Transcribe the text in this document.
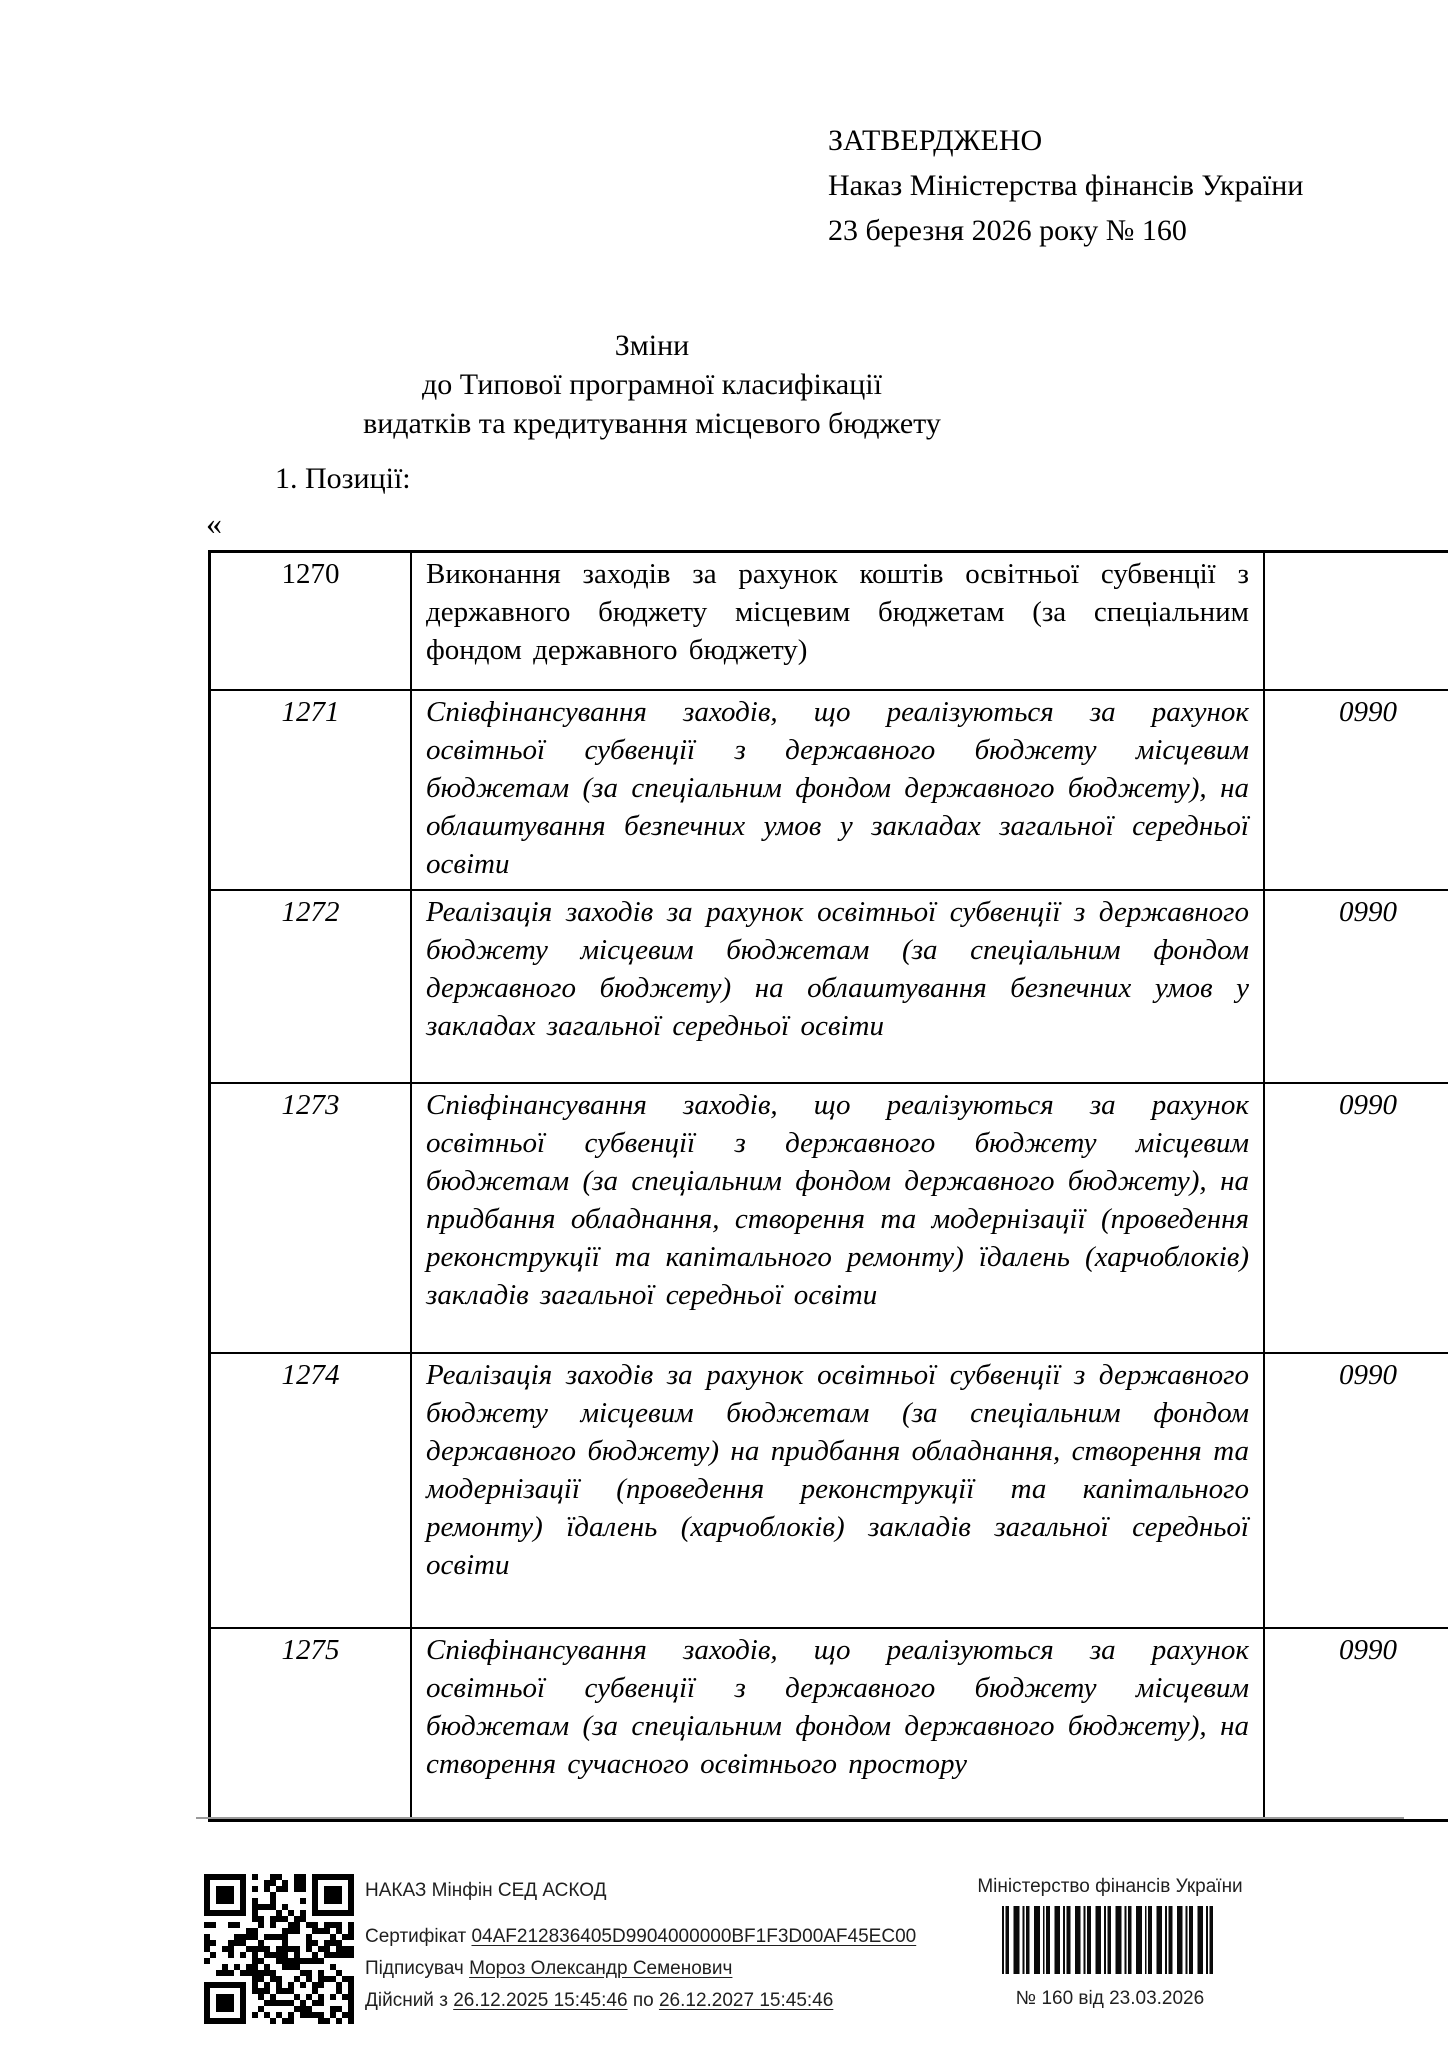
ЗАТВЕРДЖЕНО
Наказ Міністерства фінансів України
23 березня 2026 року № 160
Зміни
до Типової програмної класифікації
видатків та кредитування місцевого бюджету
1. Позиції:
«
1270	Виконання заходів за рахунок коштів освітньої субвенції з державного бюджету місцевим бюджетам (за спеціальним фондом державного бюджету)	
1271	Співфінансування заходів, що реалізуються за рахунок освітньої субвенції з державного бюджету місцевим бюджетам (за спеціальним фондом державного бюджету), на облаштування безпечних умов у закладах загальної середньої освіти	0990
1272	Реалізація заходів за рахунок освітньої субвенції з державного бюджету місцевим бюджетам (за спеціальним фондом державного бюджету) на облаштування безпечних умов у закладах загальної середньої освіти	0990
1273	Співфінансування заходів, що реалізуються за рахунок освітньої субвенції з державного бюджету місцевим бюджетам (за спеціальним фондом державного бюджету), на придбання обладнання, створення та модернізації (проведення реконструкції та капітального ремонту) їдалень (харчоблоків) закладів загальної середньої освіти	0990
1274	Реалізація заходів за рахунок освітньої субвенції з державного бюджету місцевим бюджетам (за спеціальним фондом державного бюджету) на придбання обладнання, створення та модернізації (проведення реконструкції та капітального ремонту) їдалень (харчоблоків) закладів загальної середньої освіти	0990
1275	Співфінансування заходів, що реалізуються за рахунок освітньої субвенції з державного бюджету місцевим бюджетам (за спеціальним фондом державного бюджету), на створення сучасного освітнього простору	0990
НАКАЗ Мінфін СЕД АСКОД
Сертифікат 04AF212836405D9904000000BF1F3D00AF45EC00
Підписувач Мороз Олександр Семенович
Дійсний з 26.12.2025 15:45:46 по 26.12.2027 15:45:46
Міністерство фінансів України
№ 160 від 23.03.2026
